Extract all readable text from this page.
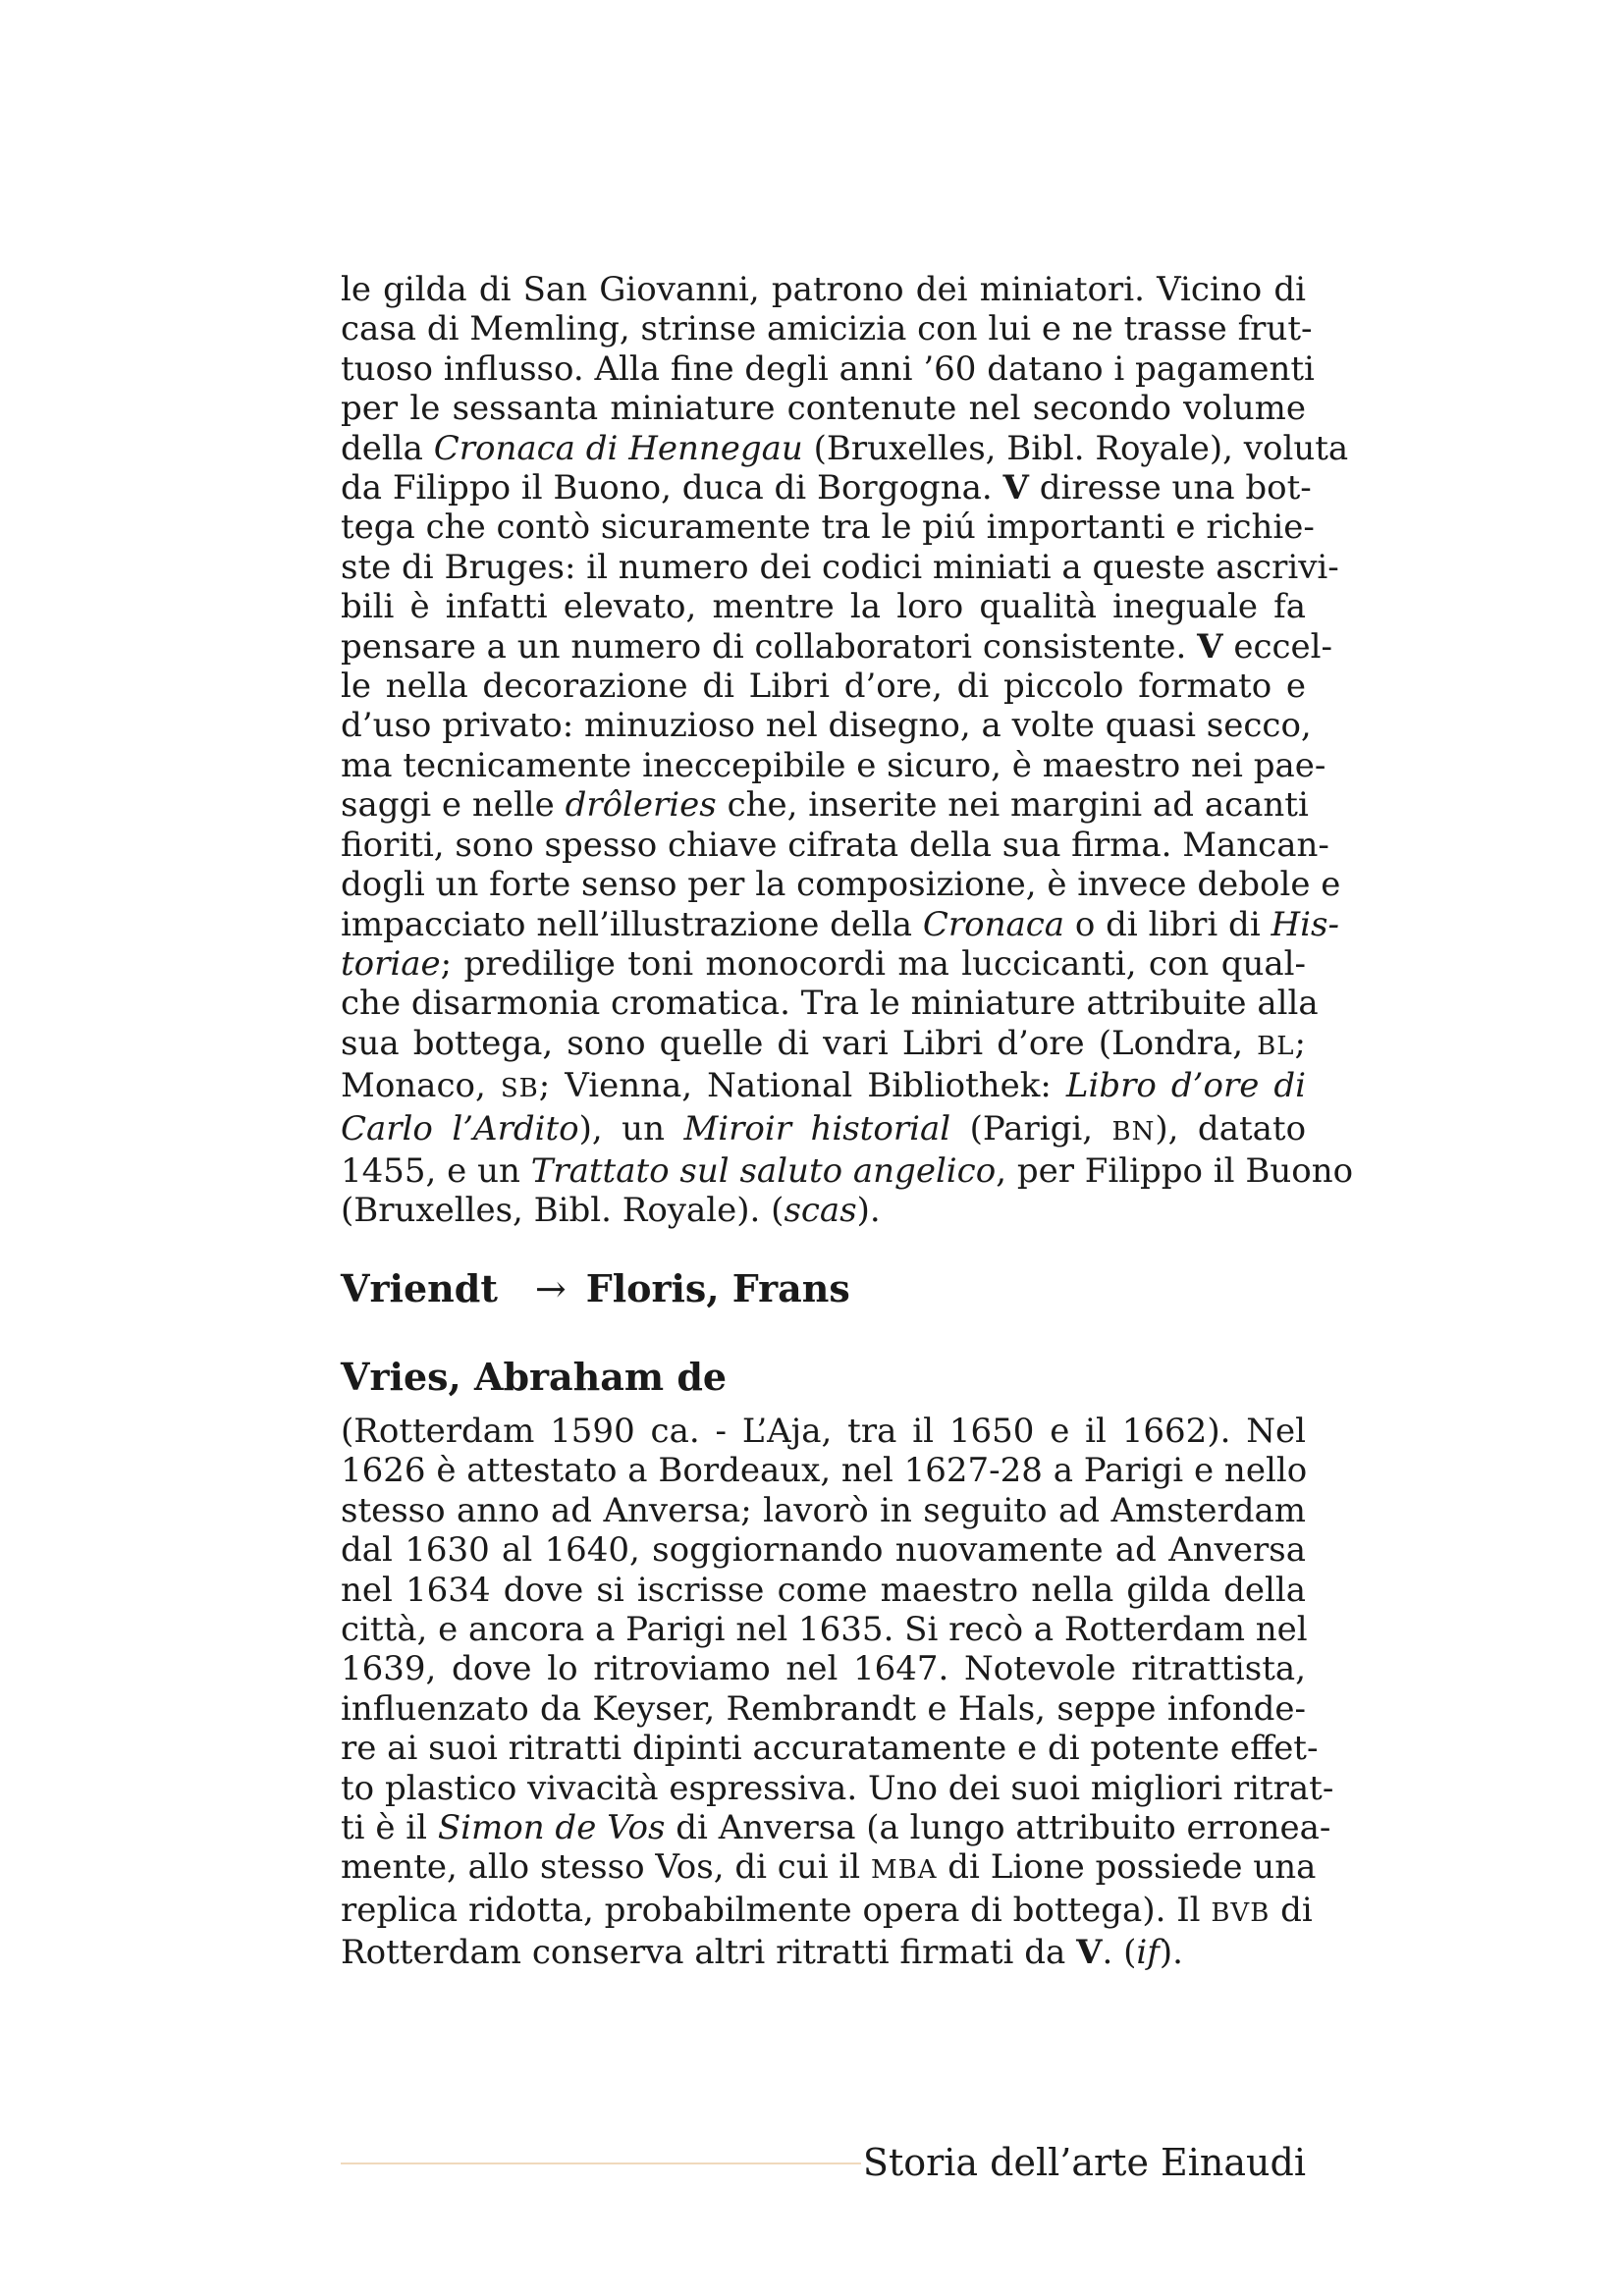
le gilda di San Giovanni, patrono dei miniatori. Vicino di
casa di Memling, strinse amicizia con lui e ne trasse frut-
tuoso influsso. Alla fine degli anni ’60 datano i pagamenti
per le sessanta miniature contenute nel secondo volume
della Cronaca di Hennegau (Bruxelles, Bibl. Royale), voluta
da Filippo il Buono, duca di Borgogna. V diresse una bot-
tega che contò sicuramente tra le piú importanti e richie-
ste di Bruges: il numero dei codici miniati a queste ascrivi-
bili è infatti elevato, mentre la loro qualità ineguale fa
pensare a un numero di collaboratori consistente. V eccel-
le nella decorazione di Libri d’ore, di piccolo formato e
d’uso privato: minuzioso nel disegno, a volte quasi secco,
ma tecnicamente ineccepibile e sicuro, è maestro nei pae-
saggi e nelle drôleries che, inserite nei margini ad acanti
fioriti, sono spesso chiave cifrata della sua firma. Mancan-
dogli un forte senso per la composizione, è invece debole e
impacciato nell’illustrazione della Cronaca o di libri di His-
toriae; predilige toni monocordi ma luccicanti, con qual-
che disarmonia cromatica. Tra le miniature attribuite alla
sua bottega, sono quelle di vari Libri d’ore (Londra, BL;
Monaco, SB; Vienna, National Bibliothek: Libro d’ore di
Carlo l’Ardito), un Miroir historial (Parigi, BN), datato
1455, e un Trattato sul saluto angelico, per Filippo il Buono
(Bruxelles, Bibl. Royale). (scas).

Vriendt → Floris, Frans
Vries, Abraham de

(Rotterdam 1590 ca. - L’Aja, tra il 1650 e il 1662). Nel
1626 è attestato a Bordeaux, nel 1627-28 a Parigi e nello
stesso anno ad Anversa; lavorò in seguito ad Amsterdam
dal 1630 al 1640, soggiornando nuovamente ad Anversa
nel 1634 dove si iscrisse come maestro nella gilda della
città, e ancora a Parigi nel 1635. Si recò a Rotterdam nel
1639, dove lo ritroviamo nel 1647. Notevole ritrattista,
influenzato da Keyser, Rembrandt e Hals, seppe infonde-
re ai suoi ritratti dipinti accuratamente e di potente effet-
to plastico vivacità espressiva. Uno dei suoi migliori ritrat-
ti è il Simon de Vos di Anversa (a lungo attribuito erronea-
mente, allo stesso Vos, di cui il MBA di Lione possiede una
replica ridotta, probabilmente opera di bottega). Il BVB di
Rotterdam conserva altri ritratti firmati da V. (if).

Storia dell’arte Einaudi
